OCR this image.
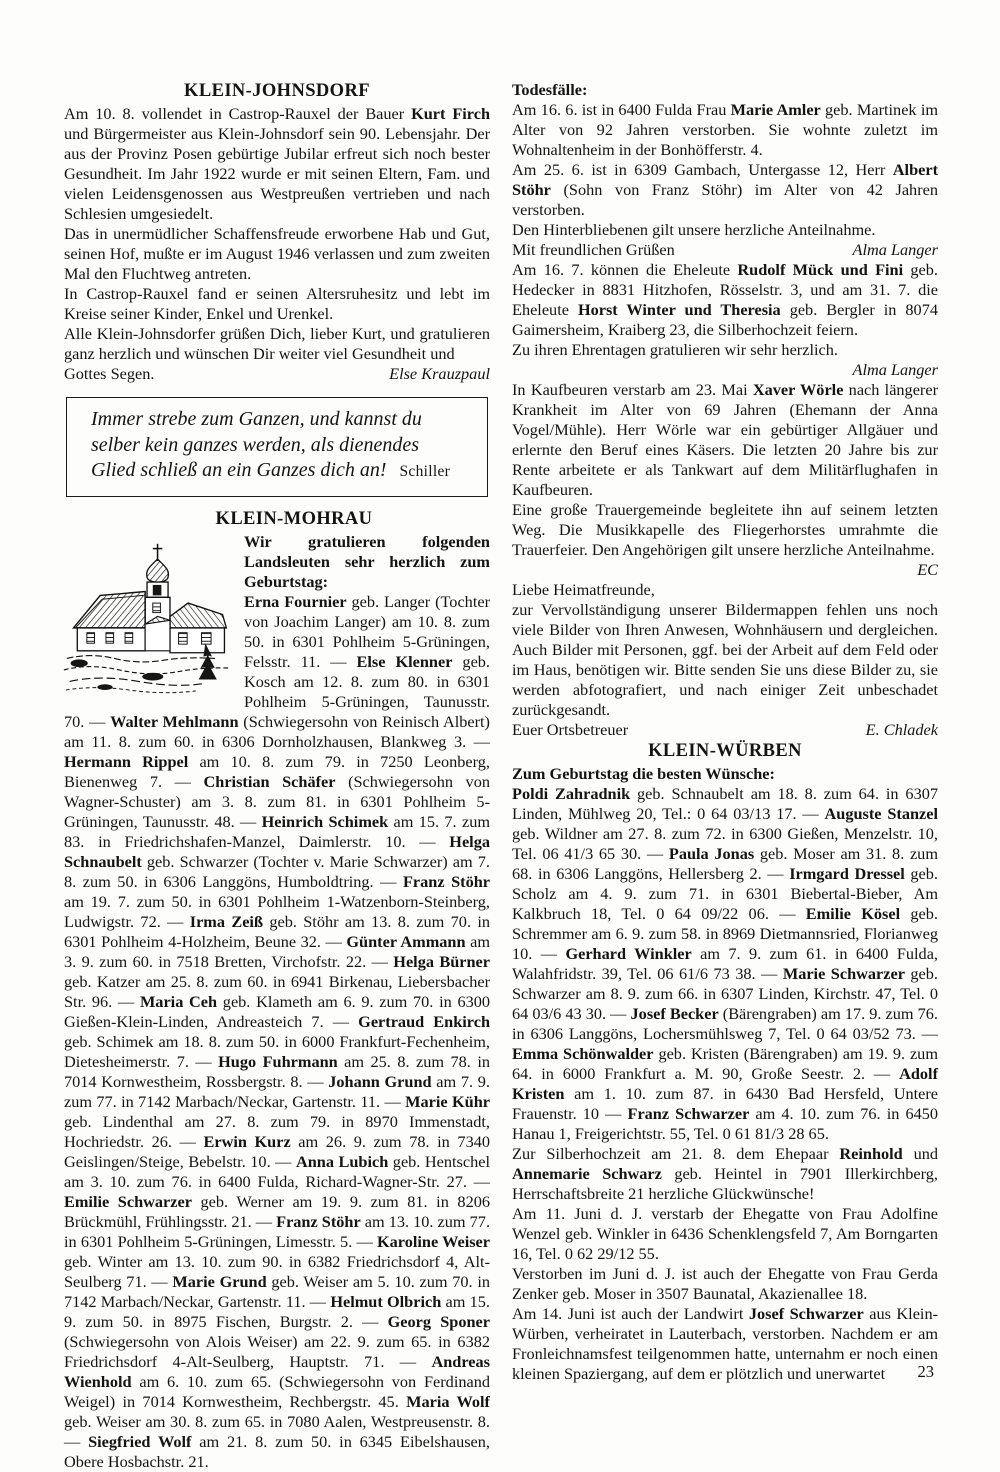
KLEIN-JOHNSDORF

Am 10. 8. vollendet in Castrop-Rauxel der Bauer Kurt Firch und Bürgermeister aus Klein-Johnsdorf sein 90. Lebensjahr. Der aus der Provinz Posen gebürtige Jubilar erfreut sich noch bester Gesundheit. Im Jahr 1922 wurde er mit seinen Eltern, Fam. und vielen Leidensgenossen aus Westpreußen vertrieben und nach Schlesien umgesiedelt.

Das in unermüdlicher Schaffensfreude erworbene Hab und Gut, seinen Hof, mußte er im August 1946 verlassen und zum zweiten Mal den Fluchtweg antreten.

In Castrop-Rauxel fand er seinen Altersruhesitz und lebt im Kreise seiner Kinder, Enkel und Urenkel.

Alle Klein-Johnsdorfer grüßen Dich, lieber Kurt, und gratulieren ganz herzlich und wünschen Dir weiter viel Gesundheit und

Gottes Segen.	Else Krauzpaul
Immer strebe zum Ganzen, und kannst du
selber kein ganzes werden, als dienendes
Glied schließ an ein Ganzes dich an! Schiller
KLEIN-MOHRAU

Wir gratulieren folgenden Landsleuten sehr herzlich zum Geburtstag:

Erna Fournier geb. Langer (Tochter von Joachim Langer) am 10. 8. zum 50. in 6301 Pohlheim 5-Grüningen, Felsstr. 11. — Else Klenner geb. Kosch am 12. 8. zum 80. in 6301 Pohlheim 5-Grüningen, Taunusstr. 70. — Walter Mehlmann (Schwiegersohn von Reinisch Albert) am 11. 8. zum 60. in 6306 Dornholzhausen, Blankweg 3. — Hermann Rippel am 10. 8. zum 79. in 7250 Leonberg, Bienenweg 7. — Christian Schäfer (Schwiegersohn von Wagner-Schuster) am 3. 8. zum 81. in 6301 Pohlheim 5-Grüningen, Taunusstr. 48. — Heinrich Schimek am 15. 7. zum 83. in Friedrichshafen-Manzel, Daimlerstr. 10. — Helga Schnaubelt geb. Schwarzer (Tochter v. Marie Schwarzer) am 7. 8. zum 50. in 6306 Langgöns, Humboldtring. — Franz Stöhr am 19. 7. zum 50. in 6301 Pohlheim 1-Watzenborn-Steinberg, Ludwigstr. 72. — Irma Zeiß geb. Stöhr am 13. 8. zum 70. in 6301 Pohlheim 4-Holzheim, Beune 32. — Günter Ammann am 3. 9. zum 60. in 7518 Bretten, Virchofstr. 22. — Helga Bürner geb. Katzer am 25. 8. zum 60. in 6941 Birkenau, Liebersbacher Str. 96. — Maria Ceh geb. Klameth am 6. 9. zum 70. in 6300 Gießen-Klein-Linden, Andreasteich 7. — Gertraud Enkirch geb. Schimek am 18. 8. zum 50. in 6000 Frankfurt-Fechenheim, Dietesheimerstr. 7. — Hugo Fuhrmann am 25. 8. zum 78. in 7014 Kornwestheim, Rossbergstr. 8. — Johann Grund am 7. 9. zum 77. in 7142 Marbach/Neckar, Gartenstr. 11. — Marie Kühr geb. Lindenthal am 27. 8. zum 79. in 8970 Immenstadt, Hochriedstr. 26. — Erwin Kurz am 26. 9. zum 78. in 7340 Geislingen/Steige, Bebelstr. 10. — Anna Lubich geb. Hentschel am 3. 10. zum 76. in 6400 Fulda, Richard-Wagner-Str. 27. — Emilie Schwarzer geb. Werner am 19. 9. zum 81. in 8206 Brückmühl, Frühlingsstr. 21. — Franz Stöhr am 13. 10. zum 77. in 6301 Pohlheim 5-Grüningen, Limesstr. 5. — Karoline Weiser geb. Winter am 13. 10. zum 90. in 6382 Friedrichsdorf 4, Alt-Seulberg 71. — Marie Grund geb. Weiser am 5. 10. zum 70. in 7142 Marbach/Neckar, Gartenstr. 11. — Helmut Olbrich am 15. 9. zum 50. in 8975 Fischen, Burgstr. 2. — Georg Sponer (Schwiegersohn von Alois Weiser) am 22. 9. zum 65. in 6382 Friedrichsdorf 4-Alt-Seulberg, Hauptstr. 71. — Andreas Wienhold am 6. 10. zum 65. (Schwiegersohn von Ferdinand Weigel) in 7014 Kornwestheim, Rechbergstr. 45. Maria Wolf geb. Weiser am 30. 8. zum 65. in 7080 Aalen, Westpreusenstr. 8. — Siegfried Wolf am 21. 8. zum 50. in 6345 Eibelshausen, Obere Hosbachstr. 21.

Todesfälle:

Am 16. 6. ist in 6400 Fulda Frau Marie Amler geb. Martinek im Alter von 92 Jahren verstorben. Sie wohnte zuletzt im Wohnaltenheim in der Bonhöfferstr. 4.

Am 25. 6. ist in 6309 Gambach, Untergasse 12, Herr Albert Stöhr (Sohn von Franz Stöhr) im Alter von 42 Jahren verstorben.

Den Hinterbliebenen gilt unsere herzliche Anteilnahme.

Mit freundlichen Grüßen	Alma Langer

Am 16. 7. können die Eheleute Rudolf Mück und Fini geb. Hedecker in 8831 Hitzhofen, Rösselstr. 3, und am 31. 7. die Eheleute Horst Winter und Theresia geb. Bergler in 8074 Gaimersheim, Kraiberg 23, die Silberhochzeit feiern.

Zu ihren Ehrentagen gratulieren wir sehr herzlich.

Alma Langer

In Kaufbeuren verstarb am 23. Mai Xaver Wörle nach längerer Krankheit im Alter von 69 Jahren (Ehemann der Anna Vogel/Mühle). Herr Wörle war ein gebürtiger Allgäuer und erlernte den Beruf eines Käsers. Die letzten 20 Jahre bis zur Rente arbeitete er als Tankwart auf dem Militärflughafen in Kaufbeuren.

Eine große Trauergemeinde begleitete ihn auf seinem letzten Weg. Die Musikkapelle des Fliegerhorstes umrahmte die Trauerfeier. Den Angehörigen gilt unsere herzliche Anteilnahme.

EC

Liebe Heimatfreunde,

zur Vervollständigung unserer Bildermappen fehlen uns noch viele Bilder von Ihren Anwesen, Wohnhäusern und dergleichen. Auch Bilder mit Personen, ggf. bei der Arbeit auf dem Feld oder im Haus, benötigen wir. Bitte senden Sie uns diese Bilder zu, sie werden abfotografiert, und nach einiger Zeit unbeschadet zurückgesandt.

Euer Ortsbetreuer	E. Chladek
KLEIN-WÜRBEN

Zum Geburtstag die besten Wünsche:

Poldi Zahradnik geb. Schnaubelt am 18. 8. zum 64. in 6307 Linden, Mühlweg 20, Tel.: 0 64 03/13 17. — Auguste Stanzel geb. Wildner am 27. 8. zum 72. in 6300 Gießen, Menzelstr. 10, Tel. 06 41/3 65 30. — Paula Jonas geb. Moser am 31. 8. zum 68. in 6306 Langgöns, Hellersberg 2. — Irmgard Dressel geb. Scholz am 4. 9. zum 71. in 6301 Biebertal-Bieber, Am Kalkbruch 18, Tel. 0 64 09/22 06. — Emilie Kösel geb. Schremmer am 6. 9. zum 58. in 8969 Dietmannsried, Florianweg 10. — Gerhard Winkler am 7. 9. zum 61. in 6400 Fulda, Walahfridstr. 39, Tel. 06 61/6 73 38. — Marie Schwarzer geb. Schwarzer am 8. 9. zum 66. in 6307 Linden, Kirchstr. 47, Tel. 0 64 03/6 43 30. — Josef Becker (Bärengraben) am 17. 9. zum 76. in 6306 Langgöns, Lochersmühlsweg 7, Tel. 0 64 03/52 73. — Emma Schönwalder geb. Kristen (Bärengraben) am 19. 9. zum 64. in 6000 Frankfurt a. M. 90, Große Seestr. 2. — Adolf Kristen am 1. 10. zum 87. in 6430 Bad Hersfeld, Untere Frauenstr. 10 — Franz Schwarzer am 4. 10. zum 76. in 6450 Hanau 1, Freigerichtstr. 55, Tel. 0 61 81/3 28 65.

Zur Silberhochzeit am 21. 8. dem Ehepaar Reinhold und Annemarie Schwarz geb. Heintel in 7901 Illerkirchberg, Herrschaftsbreite 21 herzliche Glückwünsche!

Am 11. Juni d. J. verstarb der Ehegatte von Frau Adolfine Wenzel geb. Winkler in 6436 Schenklengsfeld 7, Am Borngarten 16, Tel. 0 62 29/12 55.

Verstorben im Juni d. J. ist auch der Ehegatte von Frau Gerda Zenker geb. Moser in 3507 Baunatal, Akazienallee 18.

Am 14. Juni ist auch der Landwirt Josef Schwarzer aus Klein-Würben, verheiratet in Lauterbach, verstorben. Nachdem er am Fronleichnamsfest teilgenommen hatte, unternahm er noch einen kleinen Spaziergang, auf dem er plötzlich und unerwartet	23
